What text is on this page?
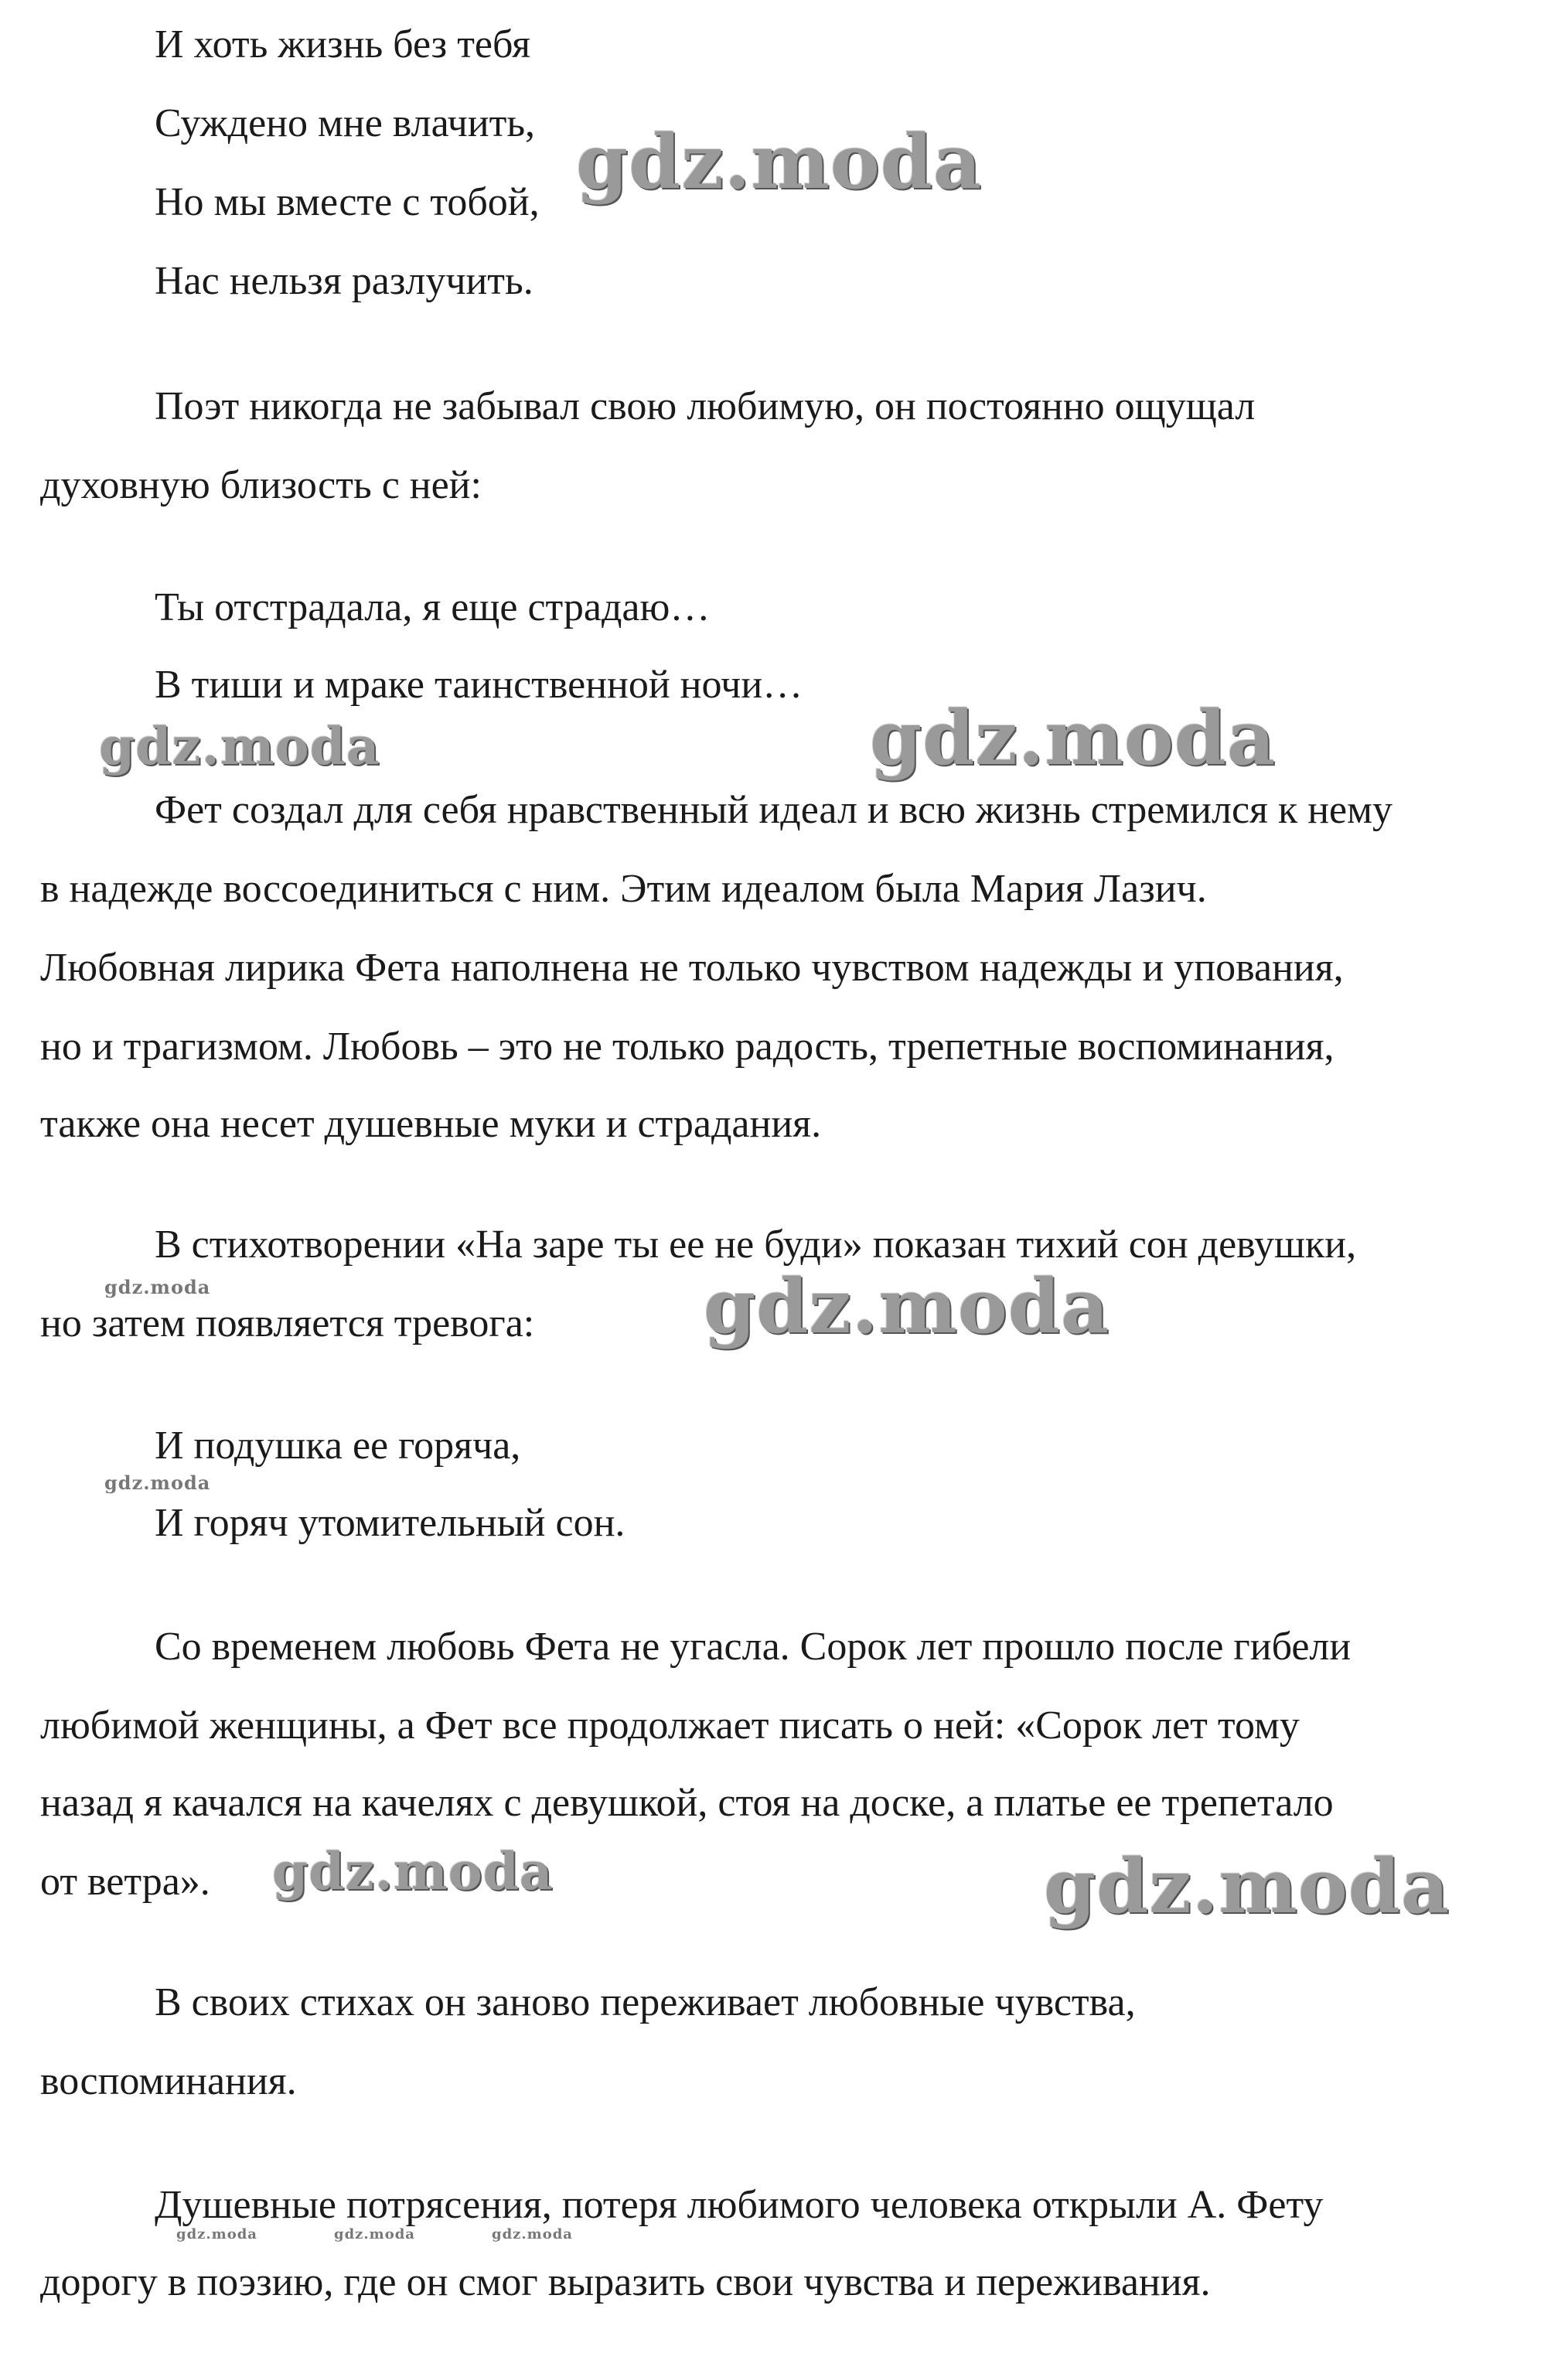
И хоть жизнь без тебя
Суждено мне влачить,
Но мы вместе с тобой,
Нас нельзя разлучить.
Поэт никогда не забывал свою любимую, он постоянно ощущал
духовную близость с ней:
Ты отстрадала, я еще страдаю…
В тиши и мраке таинственной ночи…
Фет создал для себя нравственный идеал и всю жизнь стремился к нему
в надежде воссоединиться с ним. Этим идеалом была Мария Лазич.
Любовная лирика Фета наполнена не только чувством надежды и упования,
но и трагизмом. Любовь – это не только радость, трепетные воспоминания,
также она несет душевные муки и страдания.
В стихотворении «На заре ты ее не буди» показан тихий сон девушки,
но затем появляется тревога:
И подушка ее горяча,
И горяч утомительный сон.
Со временем любовь Фета не угасла. Сорок лет прошло после гибели
любимой женщины, а Фет все продолжает писать о ней: «Сорок лет тому
назад я качался на качелях с девушкой, стоя на доске, а платье ее трепетало
от ветра».
В своих стихах он заново переживает любовные чувства,
воспоминания.
Душевные потрясения, потеря любимого человека открыли А. Фету
дорогу в поэзию, где он смог выразить свои чувства и переживания.
gdz.moda
gdz.moda	gdz.moda
gdz.moda	gdz.moda
gdz.moda
gdz.moda	gdz.moda
gdz.moda	gdz.moda	gdz.moda
